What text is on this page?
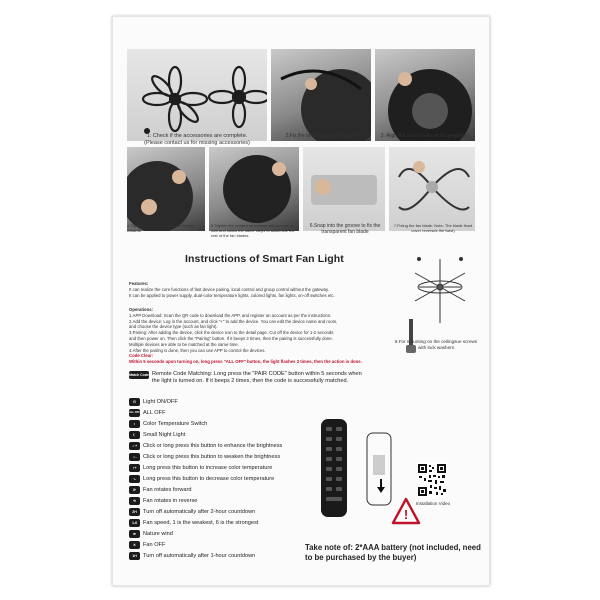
1: Check if the accessories are complete.
(Please contact us for missing accessories)
2:Fix the fan blades with screws	3: Align the screw holes in the pegboard
4 Tighten the screws of the fan blades inwards
5 Tighten the peripheral screws with screws as well and follow the same steps to assemble the rest of the fan blades.
6.Snap into the groove to fix the transparent fan blade
7.Fixing the fan blade: Note: The blade fixed cover reverses the twist)
Instructions of Smart Fan Light
8.For mounting on the ceilingsue screws with lock washers
Features:
It can realize the core functions of fast device pairing, local control and group control without the gateway.
It can be applied to power supply, dual-color temperature lights, colored lights, fan lights, on-off switches etc.
Operations:
1.APP Download: Scan the QR code to download the APP, and register an account as per the instructions.
2.Add the device: Log in the account, and click "+" to add the device. You can edit the device name and room,
and choose the device type (such as fan light).
3.Pairing: After adding the device, click the device icon to the detail page. Cut off the device for 1-2 seconds
and then power on. Then click the "Pairing" button. If it beeps 2 times, then the pairing is successfully done.
Multiple devices are able to be matched at the same time.
4.After the pairing is done, then you can use APP to control the devices.
Code Clear:
Within 5 seconds upon turning on, long press "ALL OFF" button, the light flashes 2 times, then the action is done.
Match Code Remote Code Matching: Long press the "PAIR CODE" button within 5 seconds when the light is turned on. If it beeps 2 times, then the code is successfully matched.
⏻	Light ON/OFF
ALL OFF ALL OFF
◐	Color Temperature Switch
☾	Small Night Light
☼+	Click or long press this button to enhance the brightness
☼-	Click or long press this button to weaken the brightness
◑+	Long press this button to increase color temperature
◑-	Long press this button to decrease color temperature
⟳	Fan rotates forward
⟲	Fan rotates in reverse
2H	Turn off automatically after 2-hour countdown
1-6	Fan speed, 1 is the weakest, 6 is the strongest
≋	Nature wind
✕	Fan OFF
1H	Turn off automatically after 1-hour countdown
Installation Video
!
Take note of: 2*AAA battery (not included, need to be purchased by the buyer)
